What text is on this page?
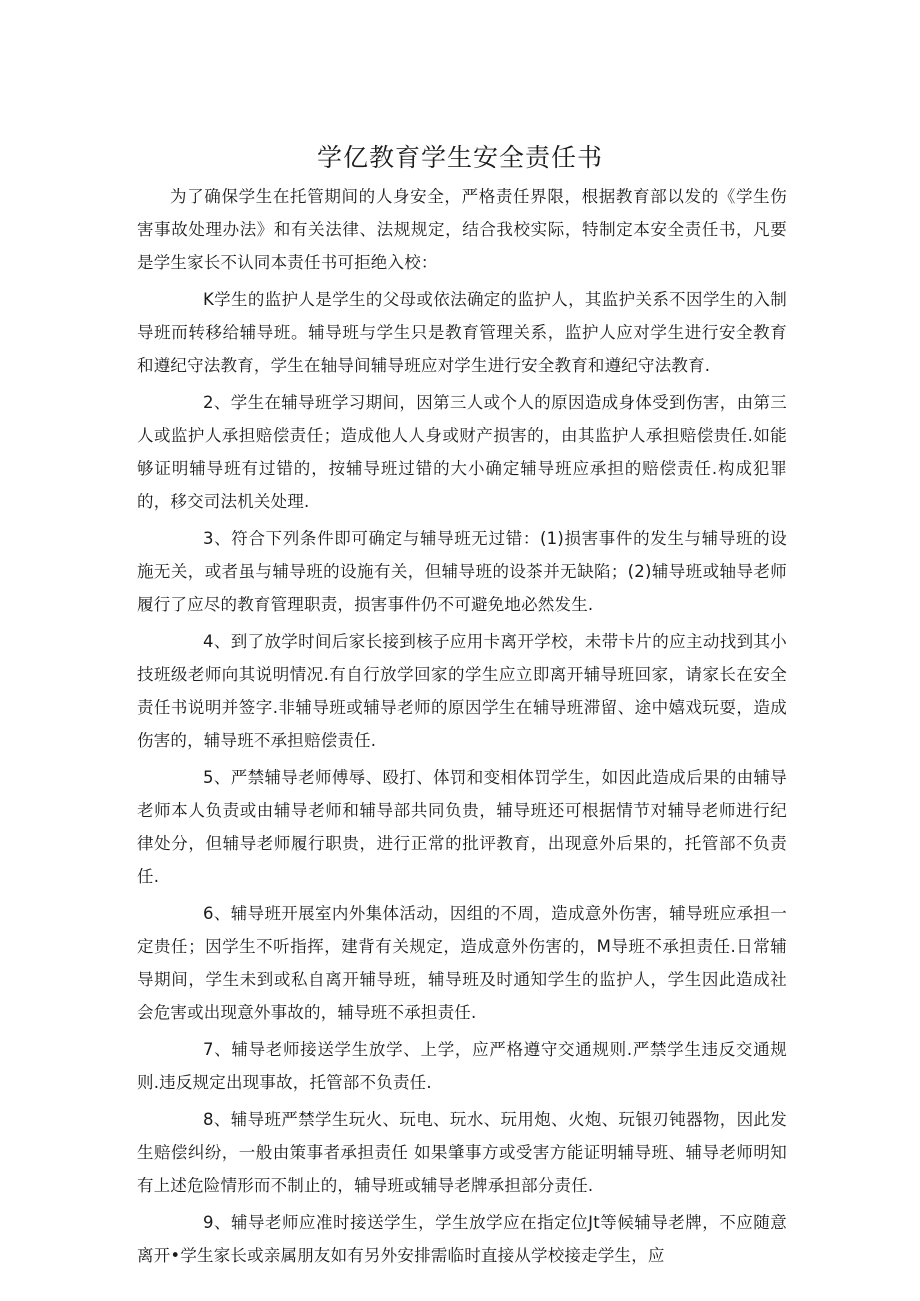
学亿教育学生安全责任书

为了确保学生在托管期间的人身安全，严格责任界限，根据教育部以发的《学生伤害事故处理办法》和有关法律、法规规定，结合我校实际，特制定本安全责任书，凡要是学生家长不认同本责任书可拒绝入校：

K学生的监护人是学生的父母或依法确定的监护人，其监护关系不因学生的入制导班而转移给辅导班。辅导班与学生只是教育管理关系，监护人应对学生进行安全教育和遵纪守法教育，学生在轴导间辅导班应对学生进行安全教育和遵纪守法教育.

2、学生在辅导班学习期间，因第三人或个人的原因造成身体受到伤害，由第三人或监护人承担赔偿责任；造成他人人身或财产损害的，由其监护人承担赔偿贵任.如能够证明辅导班有过错的，按辅导班过错的大小确定辅导班应承担的赔偿责任.构成犯罪的，移交司法机关处理.

3、符合下列条件即可确定与辅导班无过错：(1)损害事件的发生与辅导班的设施无关，或者虽与辅导班的设施有关，但辅导班的设茶并无缺陷；(2)辅导班或轴导老师履行了应尽的教育管理职责，损害事件仍不可避免地必然发生.

4、到了放学时间后家长接到核子应用卡离开学校，未带卡片的应主动找到其小技班级老师向其说明情况.有自行放学回家的学生应立即离开辅导班回家，请家长在安全责任书说明并签字.非辅导班或辅导老师的原因学生在辅导班滞留、途中嬉戏玩耍，造成伤害的，辅导班不承担赔偿责任.

5、严禁辅导老师傅辱、殴打、体罚和变相体罚学生，如因此造成后果的由辅导老师本人负责或由辅导老师和辅导部共同负贵，辅导班还可根据情节对辅导老师进行纪律处分，但辅导老师履行职贵，进行正常的批评教育，出现意外后果的，托管部不负责任.

6、辅导班开展室内外集体活动，因组的不周，造成意外伤害，辅导班应承担一定贵任；因学生不听指挥，建背有关规定，造成意外伤害的，M导班不承担责任.日常辅导期间，学生未到或私自离开辅导班，辅导班及时通知学生的监护人，学生因此造成社会危害或出现意外事故的，辅导班不承担责任.

7、辅导老师接送学生放学、上学，应严格遵守交通规则.严禁学生违反交通规则.违反规定出现事故，托管部不负责任.

8、辅导班严禁学生玩火、玩电、玩水、玩用炮、火炮、玩银刃钝器物，因此发生赔偿纠纷，一般由策事者承担责任 如果肇事方或受害方能证明辅导班、辅导老师明知有上述危险情形而不制止的，辅导班或辅导老牌承担部分责任.

9、辅导老师应准时接送学生，学生放学应在指定位Jt等候辅导老牌，不应随意离开•学生家长或亲属朋友如有另外安排需临时直接从学校接走学生，应
